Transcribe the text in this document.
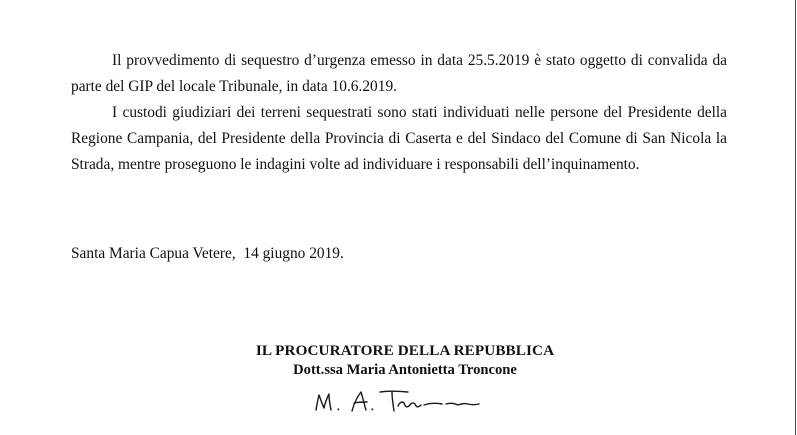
Il provvedimento di sequestro d’urgenza emesso in data 25.5.2019 è stato oggetto di convalida da parte del GIP del locale Tribunale, in data 10.6.2019.

I custodi giudiziari dei terreni sequestrati sono stati individuati nelle persone del Presidente della Regione Campania, del Presidente della Provincia di Caserta e del Sindaco del Comune di San Nicola la Strada, mentre proseguono le indagini volte ad individuare i responsabili dell’inquinamento.

Santa Maria Capua Vetere,  14 giugno 2019.

IL PROCURATORE DELLA REPUBBLICA
Dott.ssa Maria Antonietta Troncone
